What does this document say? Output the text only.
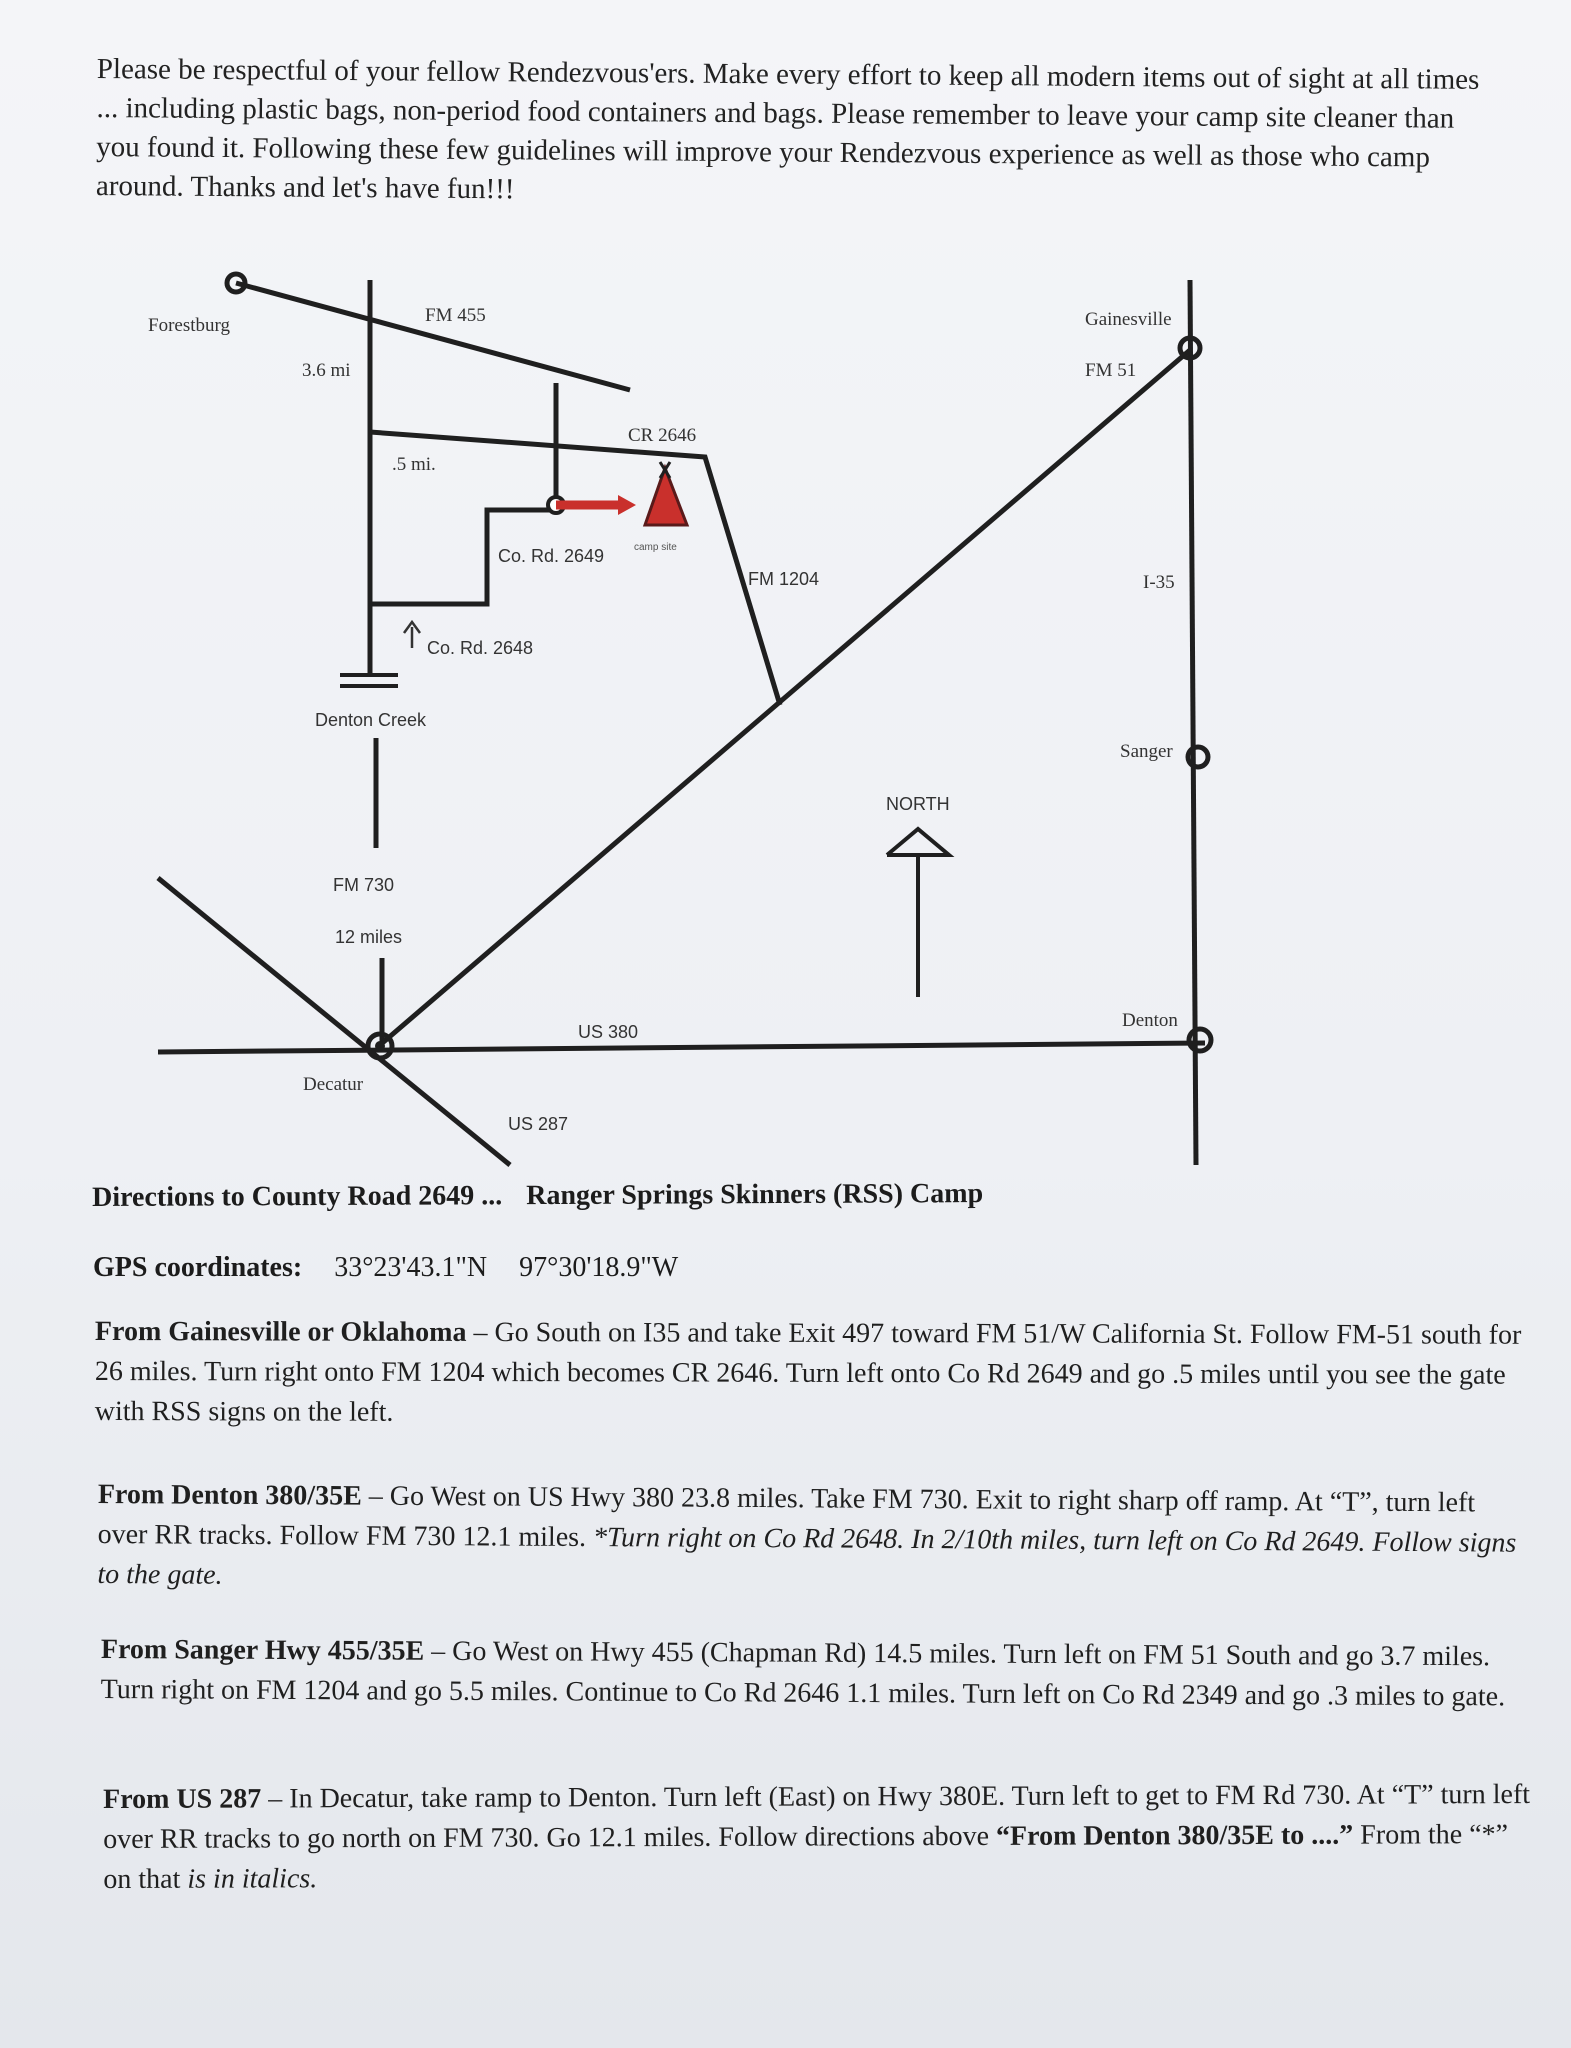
Please be respectful of your fellow Rendezvous'ers. Make every effort to keep all modern items out of sight at all times ... including plastic bags, non-period food containers and bags. Please remember to leave your camp site cleaner than you found it. Following these few guidelines will improve your Rendezvous experience as well as those who camp around. Thanks and let's have fun!!!

Forestburg	FM 455
3.6 mi
CR 2646
.5 mi.
Co. Rd. 2649	camp site
FM 1204
Co. Rd. 2648
Denton Creek
NORTH
FM 730
12 miles
US 380
Decatur
US 287
Gainesville
FM 51
I-35
Sanger
Denton

Directions to County Road 2649 ... Ranger Springs Skinners (RSS) Camp

GPS coordinates: 33°23'43.1"N 97°30'18.9"W

From Gainesville or Oklahoma – Go South on I35 and take Exit 497 toward FM 51/W California St. Follow FM-51 south for 26 miles. Turn right onto FM 1204 which becomes CR 2646. Turn left onto Co Rd 2649 and go .5 miles until you see the gate with RSS signs on the left.

From Denton 380/35E – Go West on US Hwy 380 23.8 miles. Take FM 730. Exit to right sharp off ramp. At “T”, turn left over RR tracks. Follow FM 730 12.1 miles. *Turn right on Co Rd 2648. In 2/10th miles, turn left on Co Rd 2649. Follow signs to the gate.

From Sanger Hwy 455/35E – Go West on Hwy 455 (Chapman Rd) 14.5 miles. Turn left on FM 51 South and go 3.7 miles. Turn right on FM 1204 and go 5.5 miles. Continue to Co Rd 2646 1.1 miles. Turn left on Co Rd 2349 and go .3 miles to gate.

From US 287 – In Decatur, take ramp to Denton. Turn left (East) on Hwy 380E. Turn left to get to FM Rd 730. At “T” turn left over RR tracks to go north on FM 730. Go 12.1 miles. Follow directions above “From Denton 380/35E to ....” From the “*” on that is in italics.
